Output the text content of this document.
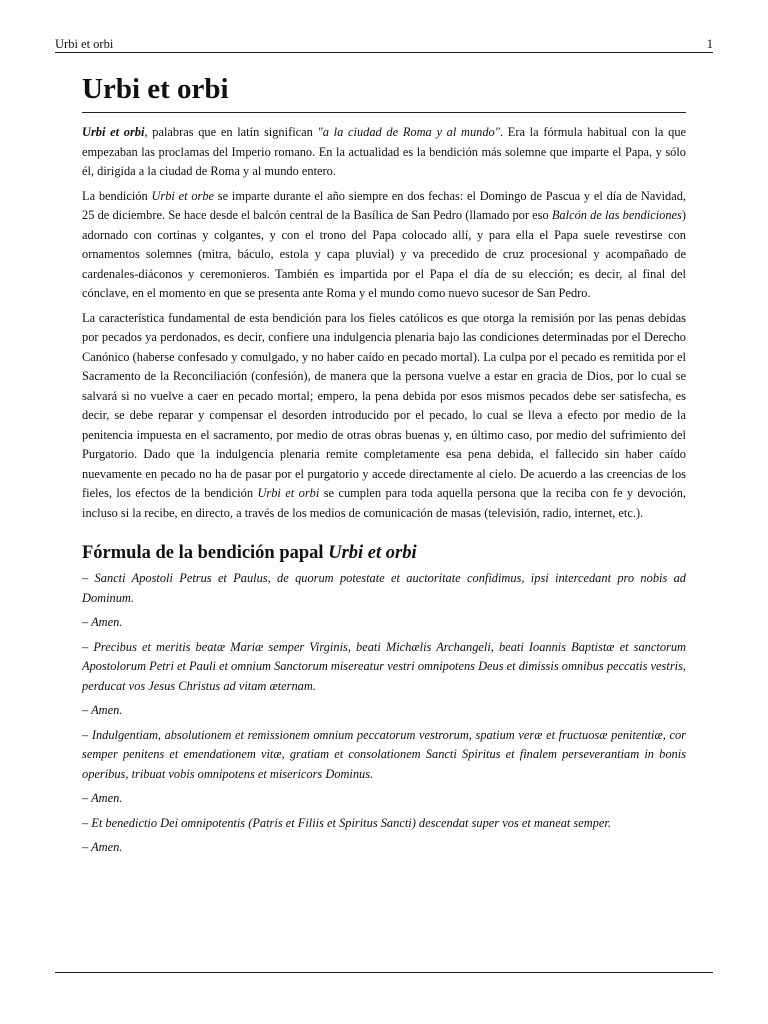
Urbi et orbi	1
Urbi et orbi

Urbi et orbi, palabras que en latín significan "a la ciudad de Roma y al mundo". Era la fórmula habitual con la que empezaban las proclamas del Imperio romano. En la actualidad es la bendición más solemne que imparte el Papa, y sólo él, dirigida a la ciudad de Roma y al mundo entero.

La bendición Urbi et orbe se imparte durante el año siempre en dos fechas: el Domingo de Pascua y el día de Navidad, 25 de diciembre. Se hace desde el balcón central de la Basílica de San Pedro (llamado por eso Balcón de las bendiciones) adornado con cortinas y colgantes, y con el trono del Papa colocado allí, y para ella el Papa suele revestirse con ornamentos solemnes (mitra, báculo, estola y capa pluvial) y va precedido de cruz procesional y acompañado de cardenales-diáconos y ceremonieros. También es impartida por el Papa el día de su elección; es decir, al final del cónclave, en el momento en que se presenta ante Roma y el mundo como nuevo sucesor de San Pedro.

La característica fundamental de esta bendición para los fieles católicos es que otorga la remisión por las penas debidas por pecados ya perdonados, es decir, confiere una indulgencia plenaria bajo las condiciones determinadas por el Derecho Canónico (haberse confesado y comulgado, y no haber caído en pecado mortal). La culpa por el pecado es remitida por el Sacramento de la Reconciliación (confesión), de manera que la persona vuelve a estar en gracia de Dios, por lo cual se salvará si no vuelve a caer en pecado mortal; empero, la pena debida por esos mismos pecados debe ser satisfecha, es decir, se debe reparar y compensar el desorden introducido por el pecado, lo cual se lleva a efecto por medio de la penitencia impuesta en el sacramento, por medio de otras obras buenas y, en último caso, por medio del sufrimiento del Purgatorio. Dado que la indulgencia plenaria remite completamente esa pena debida, el fallecido sin haber caído nuevamente en pecado no ha de pasar por el purgatorio y accede directamente al cielo. De acuerdo a las creencias de los fieles, los efectos de la bendición Urbi et orbi se cumplen para toda aquella persona que la reciba con fe y devoción, incluso si la recibe, en directo, a través de los medios de comunicación de masas (televisión, radio, internet, etc.).

Fórmula de la bendición papal Urbi et orbi

– Sancti Apostoli Petrus et Paulus, de quorum potestate et auctoritate confidimus, ipsi intercedant pro nobis ad Dominum.

– Amen.

– Precibus et meritis beatæ Mariæ semper Virginis, beati Michælis Archangeli, beati Ioannis Baptistæ et sanctorum Apostolorum Petri et Pauli et omnium Sanctorum misereatur vestri omnipotens Deus et dimissis omnibus peccatis vestris, perducat vos Jesus Christus ad vitam æternam.

– Amen.

– Indulgentiam, absolutionem et remissionem omnium peccatorum vestrorum, spatium veræ et fructuosæ penitentiæ, cor semper penitens et emendationem vitæ, gratiam et consolationem Sancti Spiritus et finalem perseverantiam in bonis operibus, tribuat vobis omnipotens et misericors Dominus.

– Amen.

– Et benedictio Dei omnipotentis (Patris et Filiis et Spiritus Sancti) descendat super vos et maneat semper.

– Amen.
